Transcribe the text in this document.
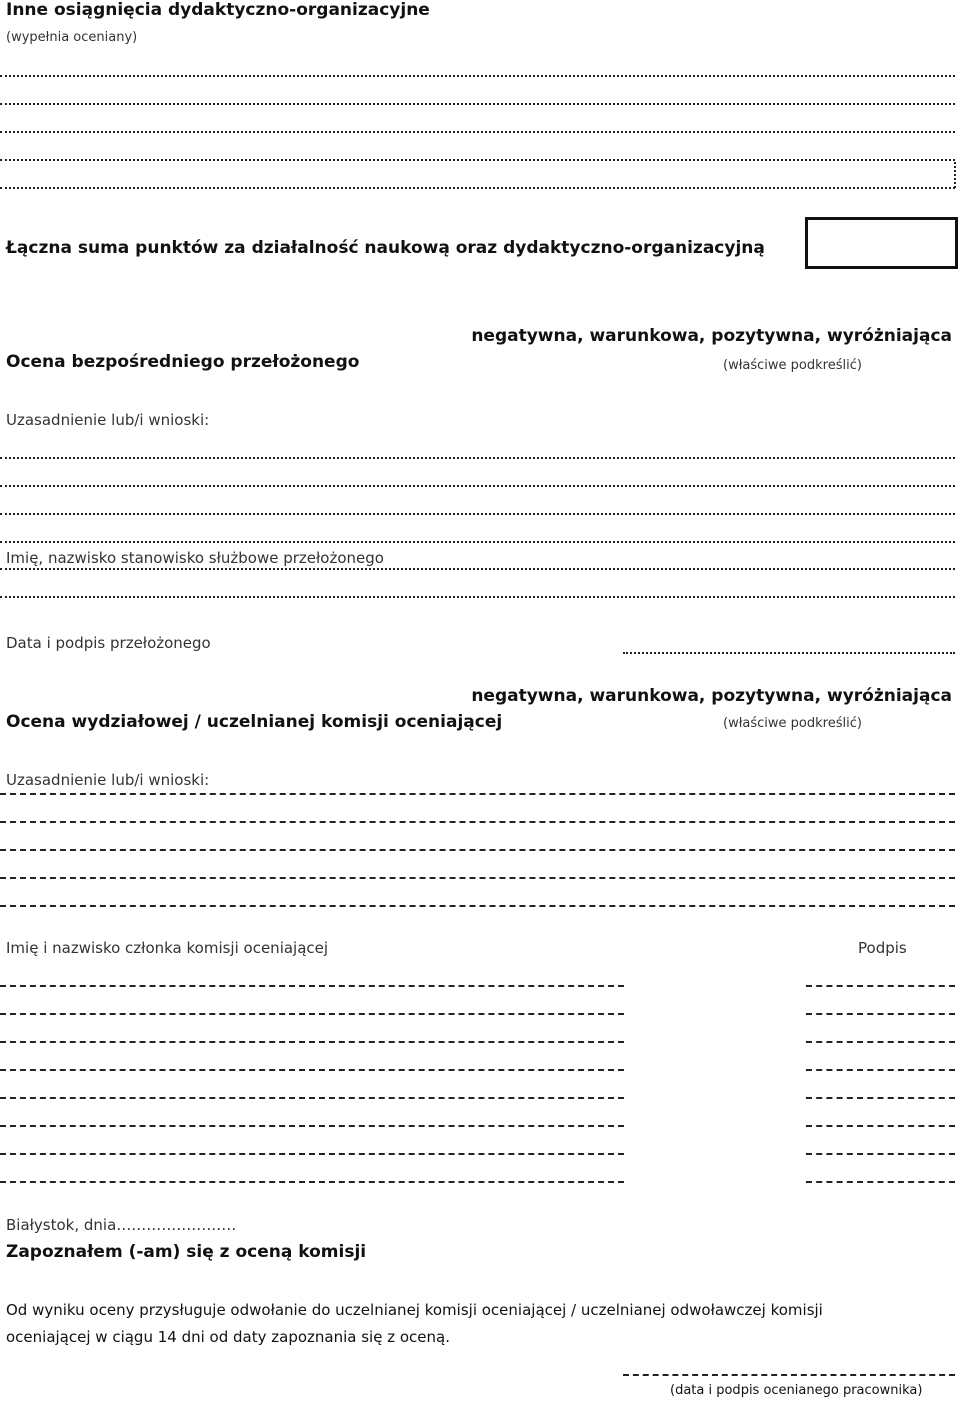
Inne osiągnięcia dydaktyczno-organizacyjne
(wypełnia oceniany)
Łączna suma punktów za działalność naukową oraz dydaktyczno-organizacyjną
Ocena bezpośredniego przełożonego
negatywna, warunkowa, pozytywna, wyróżniająca
(właściwe podkreślić)
Uzasadnienie lub/i wnioski:
Imię, nazwisko stanowisko służbowe przełożonego
Data i podpis przełożonego
Ocena wydziałowej / uczelnianej komisji oceniającej
negatywna, warunkowa, pozytywna, wyróżniająca
(właściwe podkreślić)
Uzasadnienie lub/i wnioski:
Imię i nazwisko członka komisji oceniającej	Podpis
Białystok, dnia……………………
Zapoznałem (-am) się z oceną komisji
Od wyniku oceny przysługuje odwołanie do uczelnianej komisji oceniającej / uczelnianej odwoławczej komisji
oceniającej w ciągu 14 dni od daty zapoznania się z oceną.
(data i podpis ocenianego pracownika)
